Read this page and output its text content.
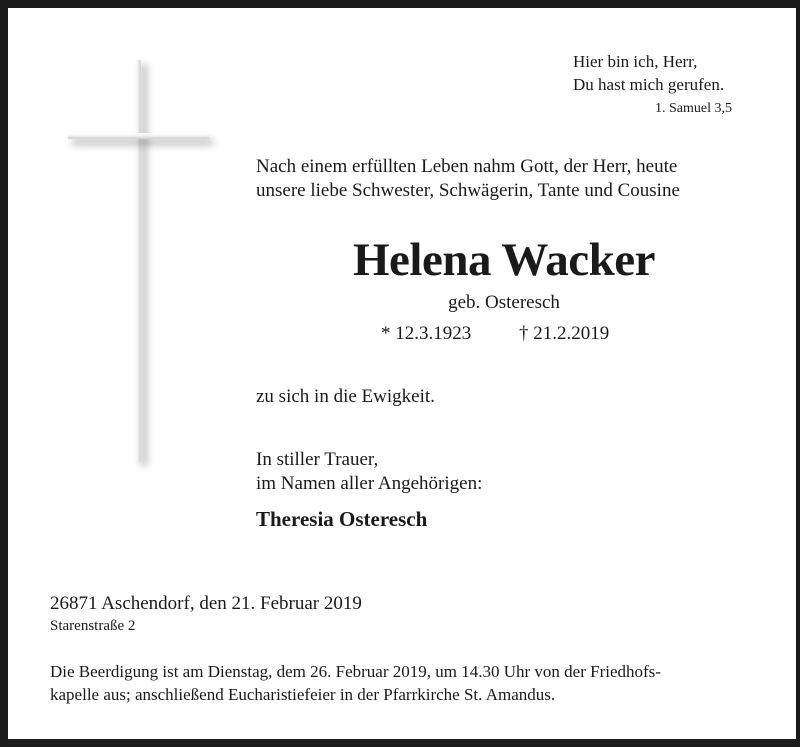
Hier bin ich, Herr,
Du hast mich gerufen.
1. Samuel 3,5
Nach einem erfüllten Leben nahm Gott, der Herr, heute
unsere liebe Schwester, Schwägerin, Tante und Cousine
Helena Wacker
geb. Osteresch
* 12.3.1923	† 21.2.2019
zu sich in die Ewigkeit.
In stiller Trauer,
im Namen aller Angehörigen:
Theresia Osteresch
26871 Aschendorf, den 21. Februar 2019
Starenstraße 2
Die Beerdigung ist am Dienstag, dem 26. Februar 2019, um 14.30 Uhr von der Friedhofs-
kapelle aus; anschließend Eucharistiefeier in der Pfarrkirche St. Amandus.
